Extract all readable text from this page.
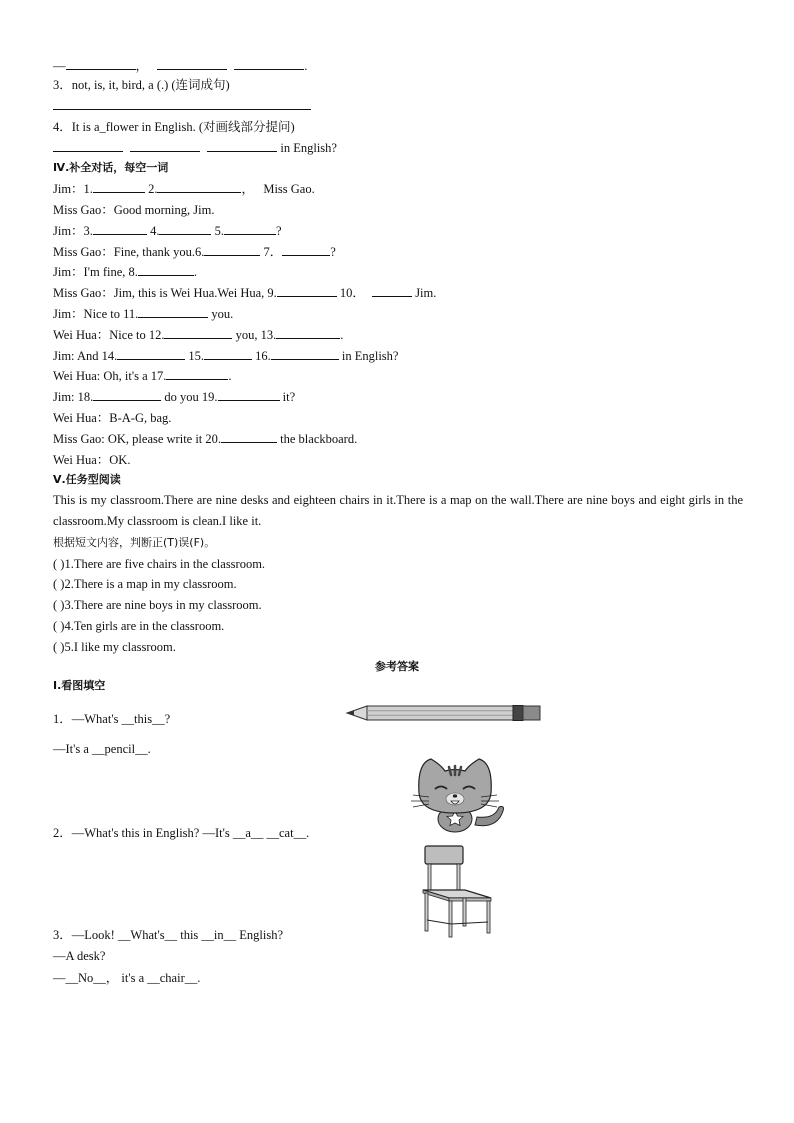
—	，	.
3．not, is, it, bird, a (.) (连词成句)
4．It is a_flower in English. (对画线部分提问)
in English?
Ⅳ.补全对话，每空一词
Jim：1.	2.	， Miss Gao.
Miss Gao：Good morning, Jim.
Jim：3.	4.	5.	?
Miss Gao：Fine, thank you.6.	7．	?
Jim：I'm fine, 8.	.
Miss Gao：Jim, this is Wei Hua.Wei Hua, 9.	10．	Jim.
Jim：Nice to 11.	you.
Wei Hua：Nice to 12.	you, 13.	.
Jim: And 14.	15.	16.	in English?
Wei Hua: Oh, it's a 17.	.
Jim: 18.	do you 19.	it?
Wei Hua：B-A-G, bag.
Miss Gao: OK, please write it 20.	the blackboard.
Wei Hua：OK.
Ⅴ.任务型阅读
This is my classroom.There are nine desks and eighteen chairs in it.There is a map on the wall.There are nine boys and eight girls in the classroom.My classroom is clean.I like it.
根据短文内容，判断正(T)误(F)。
( )1.There are five chairs in the classroom.
( )2.There is a map in my classroom.
( )3.There are nine boys in my classroom.
( )4.Ten girls are in the classroom.
( )5.I like my classroom.
参考答案
Ⅰ.看图填空
1．—What's __this__?
—It's a __pencil__.
2．—What's this in English? —It's __a__ __cat__.
3．—Look! __What's__ this __in__ English?
—A desk?
—__No__， it's a __chair__.
